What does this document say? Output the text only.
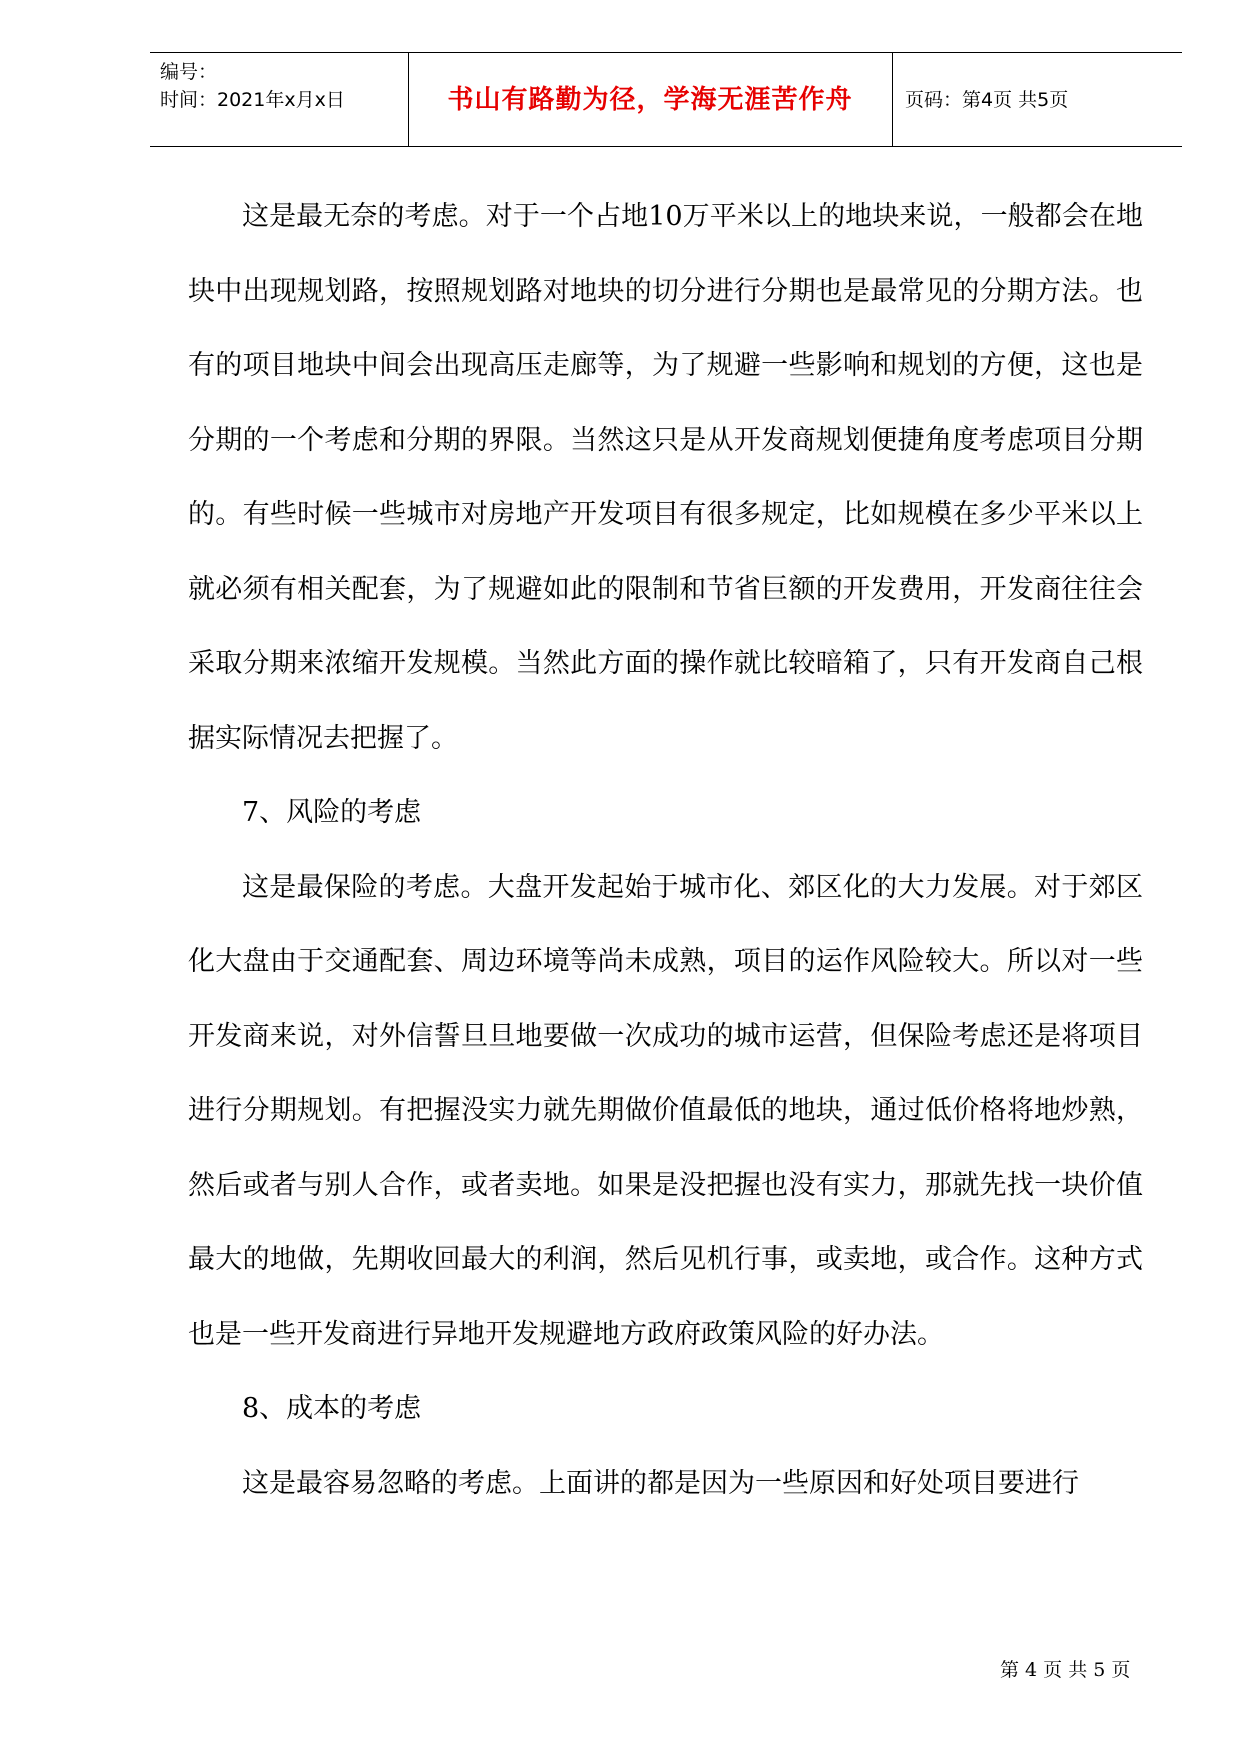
编号：
时间：2021年x月x日	书山有路勤为径，学海无涯苦作舟	页码：第4页 共5页

这是最无奈的考虑。对于一个占地10万平米以上的地块来说，一般都会在地块中出现规划路，按照规划路对地块的切分进行分期也是最常见的分期方法。也有的项目地块中间会出现高压走廊等，为了规避一些影响和规划的方便，这也是分期的一个考虑和分期的界限。当然这只是从开发商规划便捷角度考虑项目分期的。有些时候一些城市对房地产开发项目有很多规定，比如规模在多少平米以上就必须有相关配套，为了规避如此的限制和节省巨额的开发费用，开发商往往会采取分期来浓缩开发规模。当然此方面的操作就比较暗箱了，只有开发商自己根据实际情况去把握了。

7、风险的考虑

这是最保险的考虑。大盘开发起始于城市化、郊区化的大力发展。对于郊区化大盘由于交通配套、周边环境等尚未成熟，项目的运作风险较大。所以对一些开发商来说，对外信誓旦旦地要做一次成功的城市运营，但保险考虑还是将项目进行分期规划。有把握没实力就先期做价值最低的地块，通过低价格将地炒熟，然后或者与别人合作，或者卖地。如果是没把握也没有实力，那就先找一块价值最大的地做，先期收回最大的利润，然后见机行事，或卖地，或合作。这种方式也是一些开发商进行异地开发规避地方政府政策风险的好办法。

8、成本的考虑

这是最容易忽略的考虑。上面讲的都是因为一些原因和好处项目要进行

第 4 页 共 5 页
